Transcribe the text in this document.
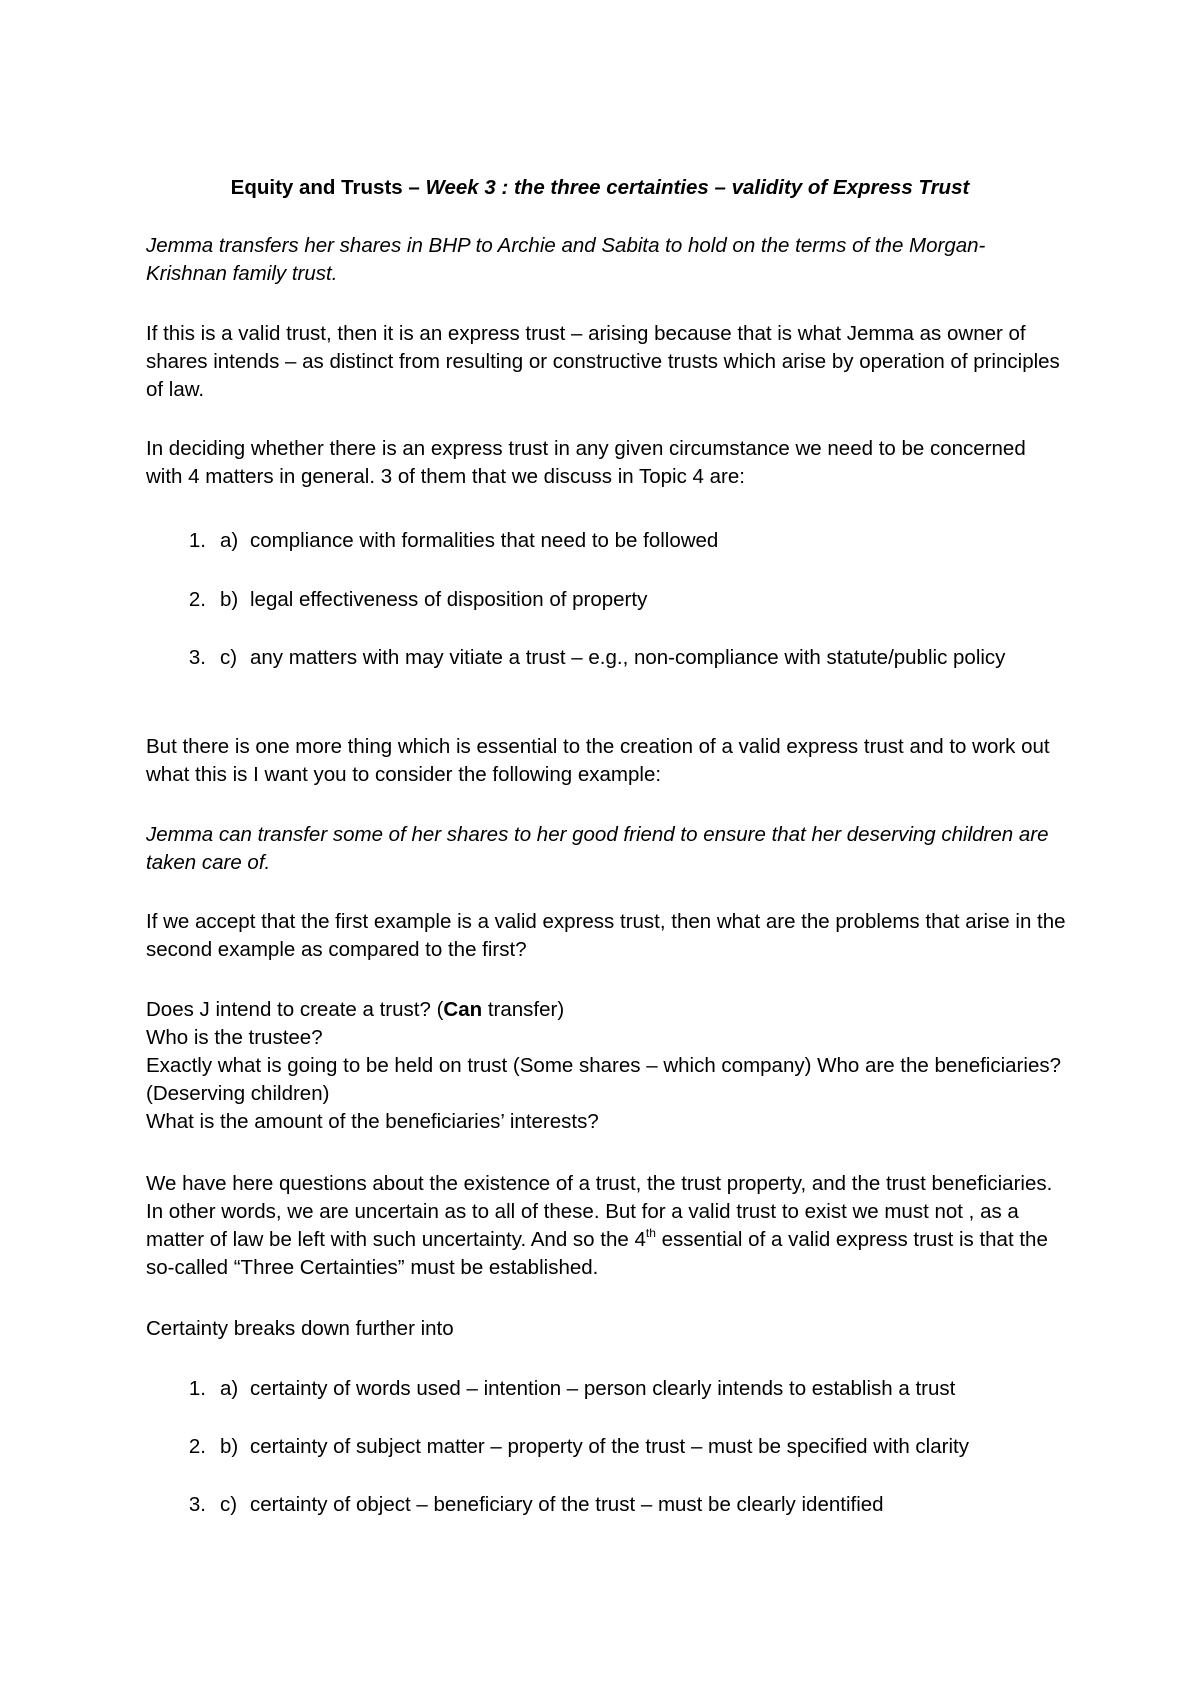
Equity and Trusts – Week 3 : the three certainties – validity of Express Trust

Jemma transfers her shares in BHP to Archie and Sabita to hold on the terms of the Morgan-Krishnan family trust.

If this is a valid trust, then it is an express trust – arising because that is what Jemma as owner of shares intends – as distinct from resulting or constructive trusts which arise by operation of principles of law.

In deciding whether there is an express trust in any given circumstance we need to be concerned with 4 matters in general. 3 of them that we discuss in Topic 4 are:

1. a) compliance with formalities that need to be followed
2. b) legal effectiveness of disposition of property
3. c) any matters with may vitiate a trust – e.g., non-compliance with statute/public policy

But there is one more thing which is essential to the creation of a valid express trust and to work out what this is I want you to consider the following example:

Jemma can transfer some of her shares to her good friend to ensure that her deserving children are taken care of.

If we accept that the first example is a valid express trust, then what are the problems that arise in the second example as compared to the first?

Does J intend to create a trust? (Can transfer)
Who is the trustee?
Exactly what is going to be held on trust (Some shares – which company) Who are the beneficiaries? (Deserving children)
What is the amount of the beneficiaries’ interests?

We have here questions about the existence of a trust, the trust property, and the trust beneficiaries. In other words, we are uncertain as to all of these. But for a valid trust to exist we must not , as a matter of law be left with such uncertainty. And so the 4th essential of a valid express trust is that the so-called “Three Certainties” must be established.

Certainty breaks down further into

1. a) certainty of words used – intention – person clearly intends to establish a trust
2. b) certainty of subject matter – property of the trust – must be specified with clarity
3. c) certainty of object – beneficiary of the trust – must be clearly identified
